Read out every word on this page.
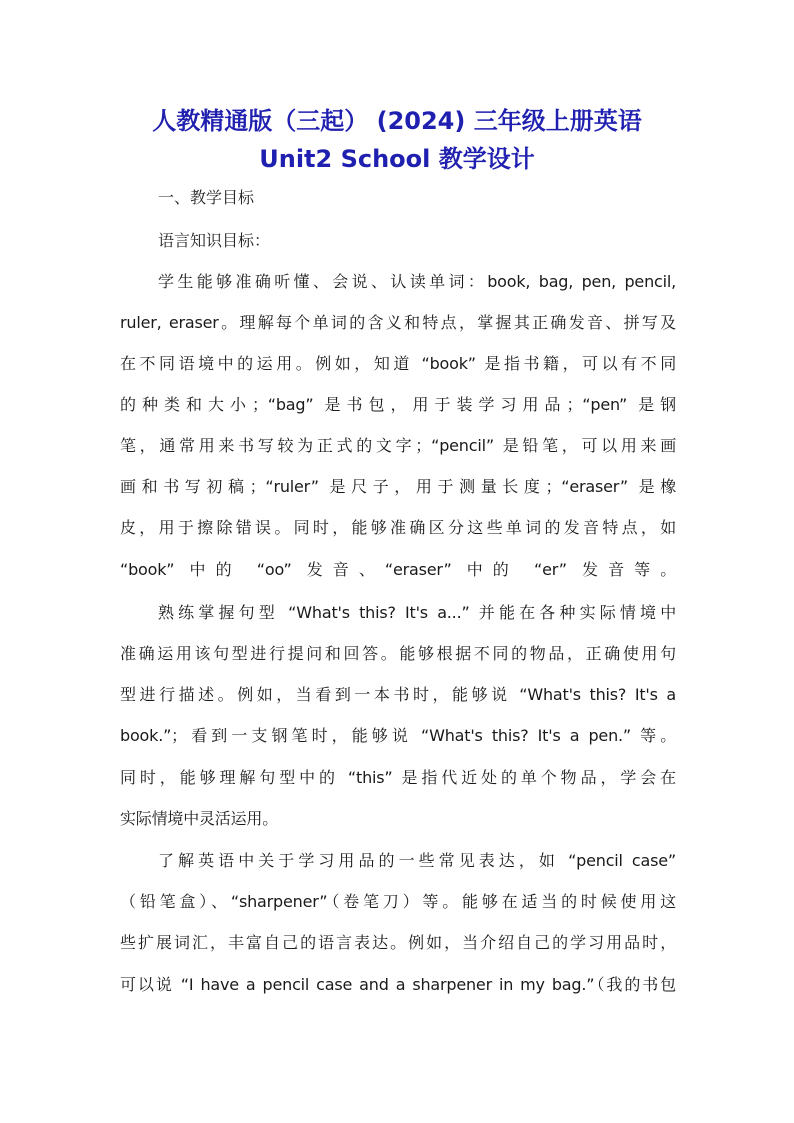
人教精通版（三起） (2024) 三年级上册英语
Unit2 School 教学设计
一、教学目标
语言知识目标：
学生能够准确听懂、会说、认读单词：book, bag, pen, pencil,
ruler, eraser。理解每个单词的含义和特点，掌握其正确发音、拼写及
在不同语境中的运用。例如，知道 “book” 是指书籍，可以有不同
的种类和大小；“bag” 是书包，用于装学习用品；“pen” 是钢
笔，通常用来书写较为正式的文字；“pencil” 是铅笔，可以用来画
画和书写初稿；“ruler” 是尺子，用于测量长度；“eraser” 是橡
皮，用于擦除错误。同时，能够准确区分这些单词的发音特点，如
“book” 中的 “oo” 发音、“eraser” 中的 “er” 发音等。
熟练掌握句型 “What's this? It's a...” 并能在各种实际情境中
准确运用该句型进行提问和回答。能够根据不同的物品，正确使用句
型进行描述。例如，当看到一本书时，能够说 “What's this? It's a
book.”；看到一支钢笔时，能够说 “What's this? It's a pen.” 等。
同时，能够理解句型中的 “this” 是指代近处的单个物品，学会在
实际情境中灵活运用。
了解英语中关于学习用品的一些常见表达，如 “pencil case”
（铅笔盒）、“sharpener”（卷笔刀）等。能够在适当的时候使用这
些扩展词汇，丰富自己的语言表达。例如，当介绍自己的学习用品时，
可以说 “I have a pencil case and a sharpener in my bag.”（我的书包
